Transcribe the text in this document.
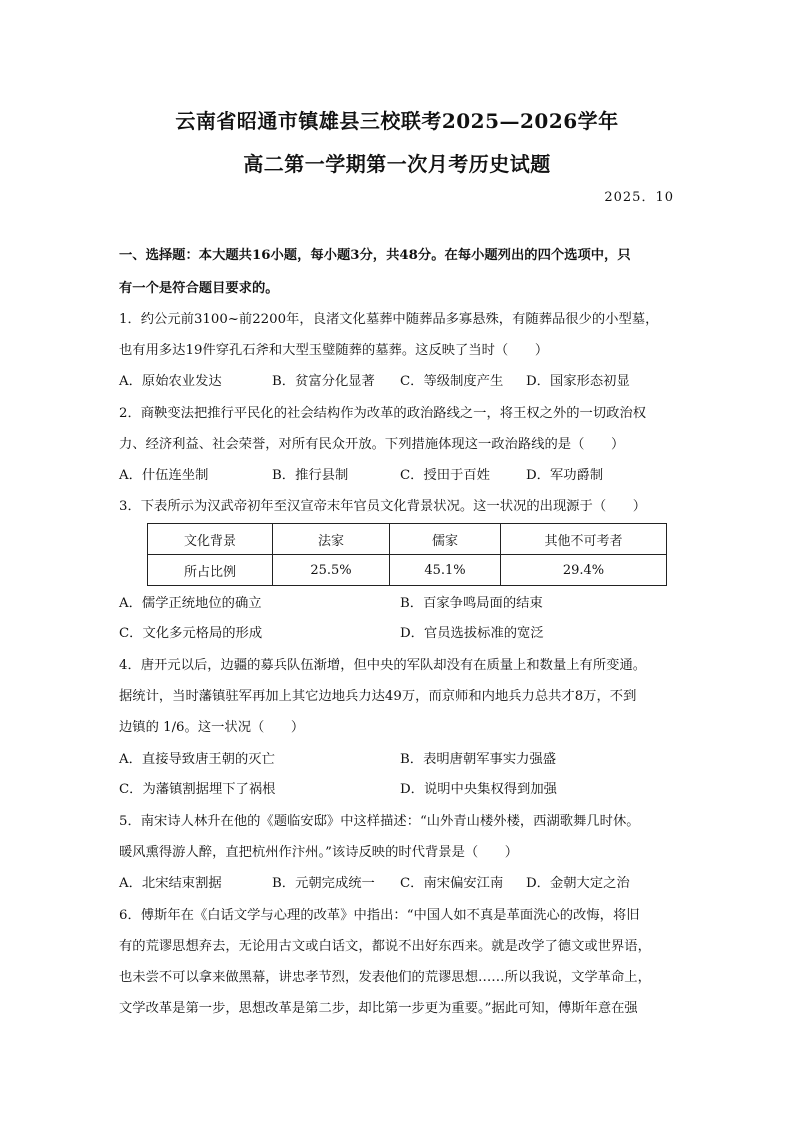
云南省昭通市镇雄县三校联考2025—2026学年
高二第一学期第一次月考历史试题
2025．10
一、选择题：本大题共16小题，每小题3分，共48分。在每小题列出的四个选项中，只
有一个是符合题目要求的。
1．约公元前3100~前2200年，良渚文化墓葬中随葬品多寡悬殊，有随葬品很少的小型墓，
也有用多达19件穿孔石斧和大型玉璧随葬的墓葬。这反映了当时（　　）
A．原始农业发达	B．贫富分化显著 C．等级制度产生 D．国家形态初显
2．商鞅变法把推行平民化的社会结构作为改革的政治路线之一，将王权之外的一切政治权
力、经济利益、社会荣誉，对所有民众开放。下列措施体现这一政治路线的是（　　）
A．什伍连坐制	B．推行县制	C．授田于百姓	D．军功爵制
3．下表所示为汉武帝初年至汉宣帝末年官员文化背景状况。这一状况的出现源于（　　）
文化背景	法家	儒家	其他不可考者
所占比例	25.5%	45.1%	29.4%
A．儒学正统地位的确立	B．百家争鸣局面的结束
C．文化多元格局的形成	D．官员选拔标准的宽泛
4．唐开元以后，边疆的募兵队伍渐增，但中央的军队却没有在质量上和数量上有所变通。
据统计，当时藩镇驻军再加上其它边地兵力达49万，而京师和内地兵力总共才8万，不到
边镇的 1/6。这一状况（　　）
A．直接导致唐王朝的灭亡	B．表明唐朝军事实力强盛
C．为藩镇割据埋下了祸根	D．说明中央集权得到加强
5．南宋诗人林升在他的《题临安邸》中这样描述：“山外青山楼外楼，西湖歌舞几时休。
暖风熏得游人醉，直把杭州作汴州。”该诗反映的时代背景是（　　）
A．北宋结束割据	B．元朝完成统一 C．南宋偏安江南 D．金朝大定之治
6．傅斯年在《白话文学与心理的改革》中指出：“中国人如不真是革面洗心的改悔，将旧
有的荒谬思想弃去，无论用古文或白话文，都说不出好东西来。就是改学了德文或世界语，
也未尝不可以拿来做黑幕，讲忠孝节烈，发表他们的荒谬思想……所以我说，文学革命上，
文学改革是第一步，思想改革是第二步，却比第一步更为重要。”据此可知，傅斯年意在强
